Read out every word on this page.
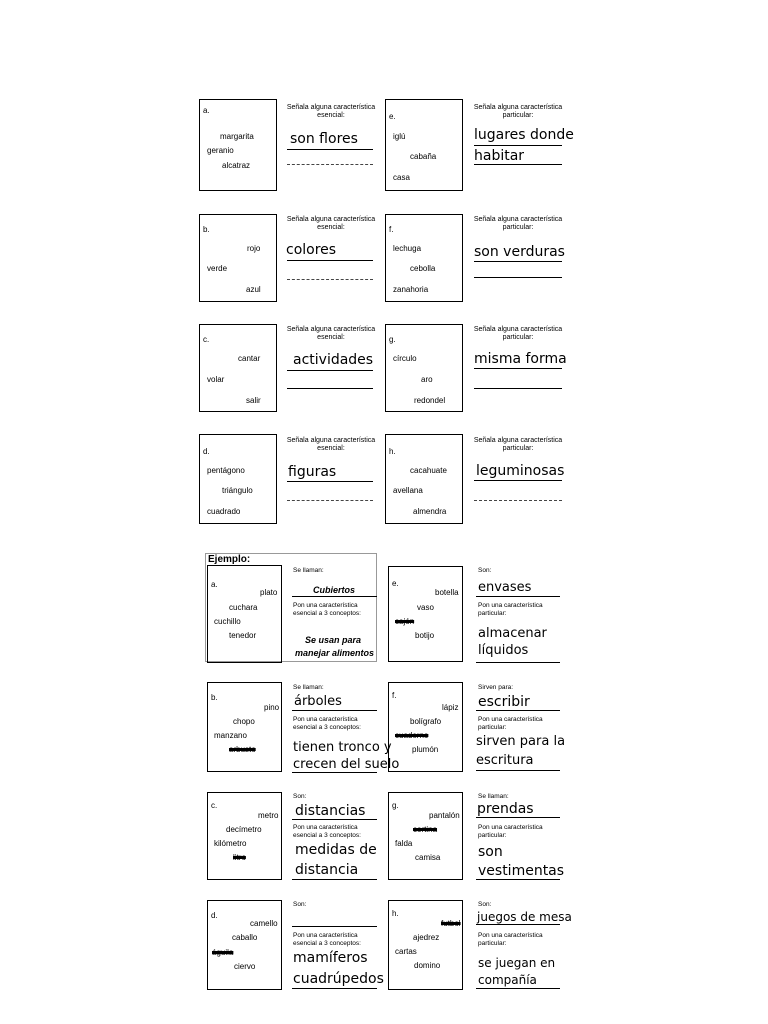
a.
margarita
geranio
alcatraz
Señala alguna característica esencial:
son flores
e.
iglú
cabaña
casa
Señala alguna característica particular:
lugares donde
habitar
b.
rojo
verde
azul
Señala alguna característica esencial:
colores
f.
lechuga
cebolla
zanahoria
Señala alguna característica particular:
son verduras
c.
cantar
volar
salir
Señala alguna característica esencial:
actividades
g.
círculo
aro
redondel
Señala alguna característica particular:
misma forma
d.
pentágono
triángulo
cuadrado
Señala alguna característica esencial:
figuras
h.
cacahuate
avellana
almendra
Señala alguna característica particular:
leguminosas
Ejemplo:
a.
plato
cuchara
cuchillo
tenedor
Se llaman:
Cubiertos
Pon una característica esencial a 3 conceptos:
Se usan para
manejar alimentos
e.
botella
vaso
cajón
botijo
Son:
envases
Pon una característica particular:
almacenar
líquidos
b.
pino
chopo
manzano
arbusto
Se llaman:
árboles
Pon una característica esencial a 3 conceptos:
tienen tronco y
crecen del suelo
f.
lápiz
bolígrafo
cuaderno
plumón
Sirven para:
escribir
Pon una característica particular:
sirven para la
escritura
c.
metro
decímetro
kilómetro
litro
Son:
distancias
Pon una característica esencial a 3 conceptos:
medidas de
distancia
g.
pantalón
cortina
falda
camisa
Se llaman:
prendas
Pon una característica particular:
son
vestimentas
d.
camello
caballo
águila
ciervo
Son:
Pon una característica esencial a 3 conceptos:
mamíferos
cuadrúpedos
h.
futbol
ajedrez
cartas
domino
Son:
juegos de mesa
Pon una característica particular:
se juegan en
compañía
